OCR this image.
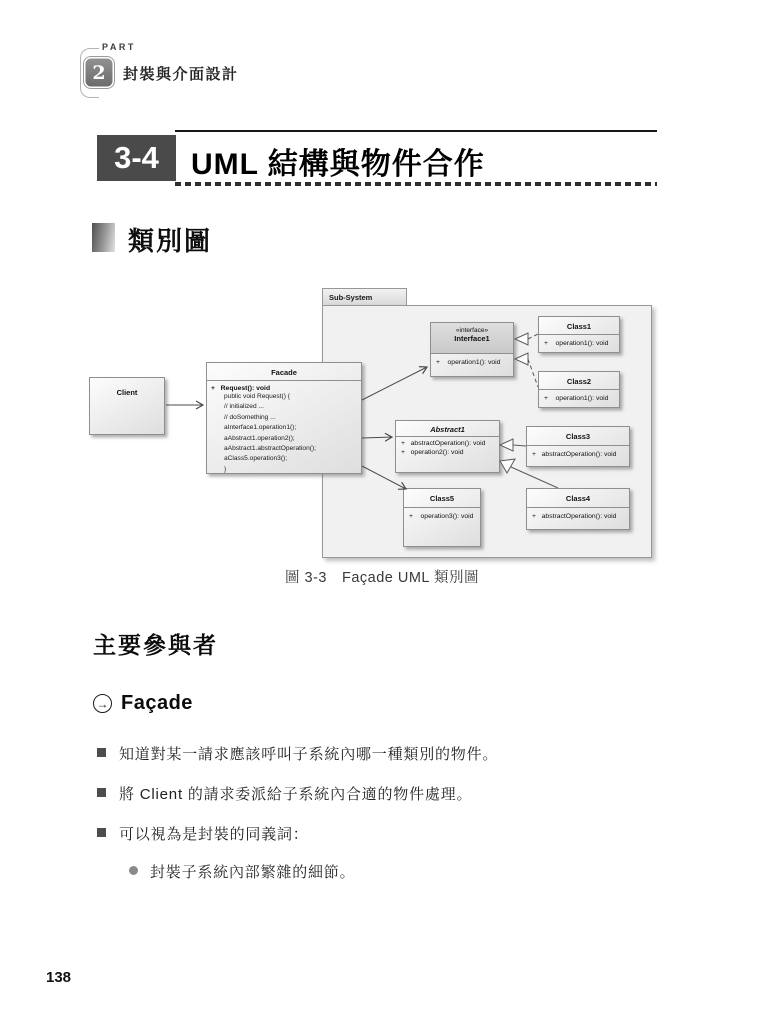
PART
2	封裝與介面設計
3-4	UML 結構與物件合作
類別圖
Sub-System
Client
Facade
+   Request(): void
public void Request() {
// initialized ...
// doSomething ...
aInterface1.operation1();
aAbstract1.operation2();
aAbstract1.abstractOperation();
aClass5.operation3();
}
«interface»
Interface1
+    operation1(): void
Class1
+    operation1(): void
Class2
+    operation1(): void
Abstract1
+   abstractOperation(): void
+   operation2(): void
Class3
+   abstractOperation(): void
Class4
+   abstractOperation(): void
Class5
+    operation3(): void
圖 3-3　Façade UML 類別圖
主要參與者
→ Façade
知道對某一請求應該呼叫子系統內哪一種類別的物件。
將 Client 的請求委派給子系統內合適的物件處理。
可以視為是封裝的同義詞：
封裝子系統內部繁雜的細節。
138
